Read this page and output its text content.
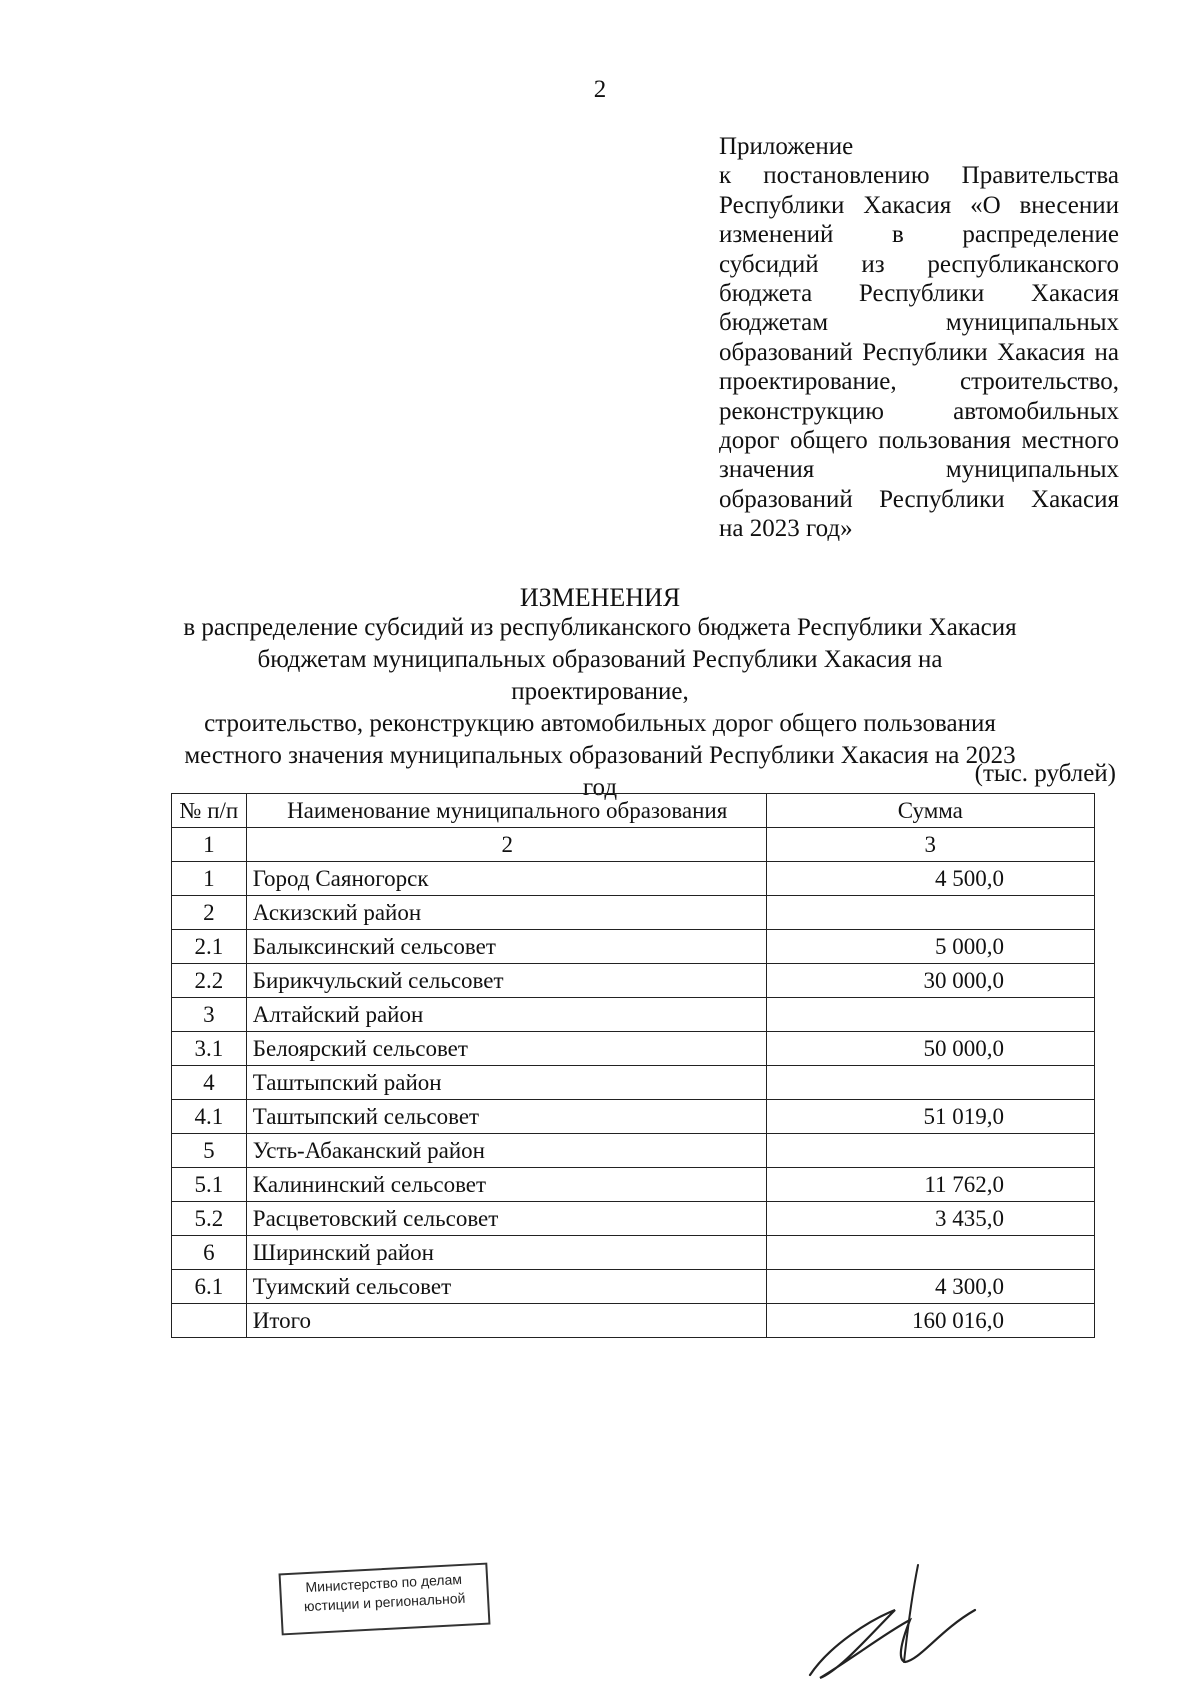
2
Приложение
к постановлению Правительства Республики Хакасия «О внесении изменений в распределение субсидий из республиканского бюджета Республики Хакасия бюджетам муниципальных образований Республики Хакасия на проектирование, строительство, реконструкцию автомобильных дорог общего пользования местного значения муниципальных образований Республики Хакасия
на 2023 год»
ИЗМЕНЕНИЯ
в распределение субсидий из республиканского бюджета Республики Хакасия
бюджетам муниципальных образований Республики Хакасия на проектирование,
строительство, реконструкцию автомобильных дорог общего пользования
местного значения муниципальных образований Республики Хакасия на 2023 год
(тыс. рублей)
№ п/п	Наименование муниципального образования	Сумма
1	2	3
1	Город Саяногорск	4 500,0
2	Аскизский район	
2.1	Балыксинский сельсовет	5 000,0
2.2	Бирикчульский сельсовет	30 000,0
3	Алтайский район	
3.1	Белоярский сельсовет	50 000,0
4	Таштыпский район	
4.1	Таштыпский сельсовет	51 019,0
5	Усть-Абаканский район	
5.1	Калининский сельсовет	11 762,0
5.2	Расцветовский сельсовет	3 435,0
6	Ширинский район	
6.1	Туимский сельсовет	4 300,0
	Итого	160 016,0
Министерство по делам
юстиции и региональной
